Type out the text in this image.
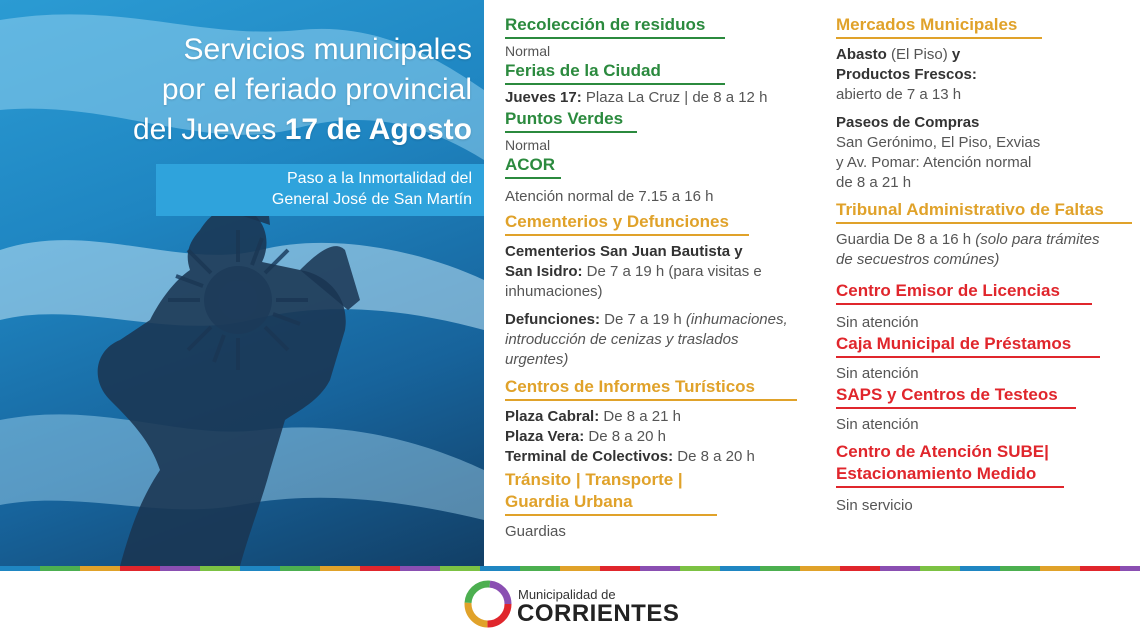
Servicios municipales
por el feriado provincial
del Jueves 17 de Agosto
Paso a la Inmortalidad del
General José de San Martín
Recolección de residuos
Normal
Ferias de la Ciudad
Jueves 17: Plaza La Cruz | de 8 a 12 h
Puntos Verdes
Normal
ACOR
Atención normal de 7.15 a 16 h
Cementerios y Defunciones
Cementerios San Juan Bautista y
San Isidro: De 7 a 19 h (para visitas e
inhumaciones)
Defunciones: De 7 a 19 h (inhumaciones,
introducción de cenizas y traslados
urgentes)
Centros de Informes Turísticos
Plaza Cabral: De 8 a 21 h
Plaza Vera: De 8 a 20 h
Terminal de Colectivos: De 8 a 20 h
Tránsito | Transporte |
Guardia Urbana
Guardias
Mercados Municipales
Abasto (El Piso) y
Productos Frescos:
abierto de 7 a 13 h
Paseos de Compras
San Gerónimo, El Piso, Exvias
y Av. Pomar: Atención normal
de 8 a 21 h
Tribunal Administrativo de Faltas
Guardia De 8 a 16 h (solo para trámites
de secuestros comúnes)
Centro Emisor de Licencias
Sin atención
Caja Municipal de Préstamos
Sin atención
SAPS y Centros de Testeos
Sin atención
Centro de Atención SUBE|
Estacionamiento Medido
Sin servicio
Municipalidad de
CORRIENTES
